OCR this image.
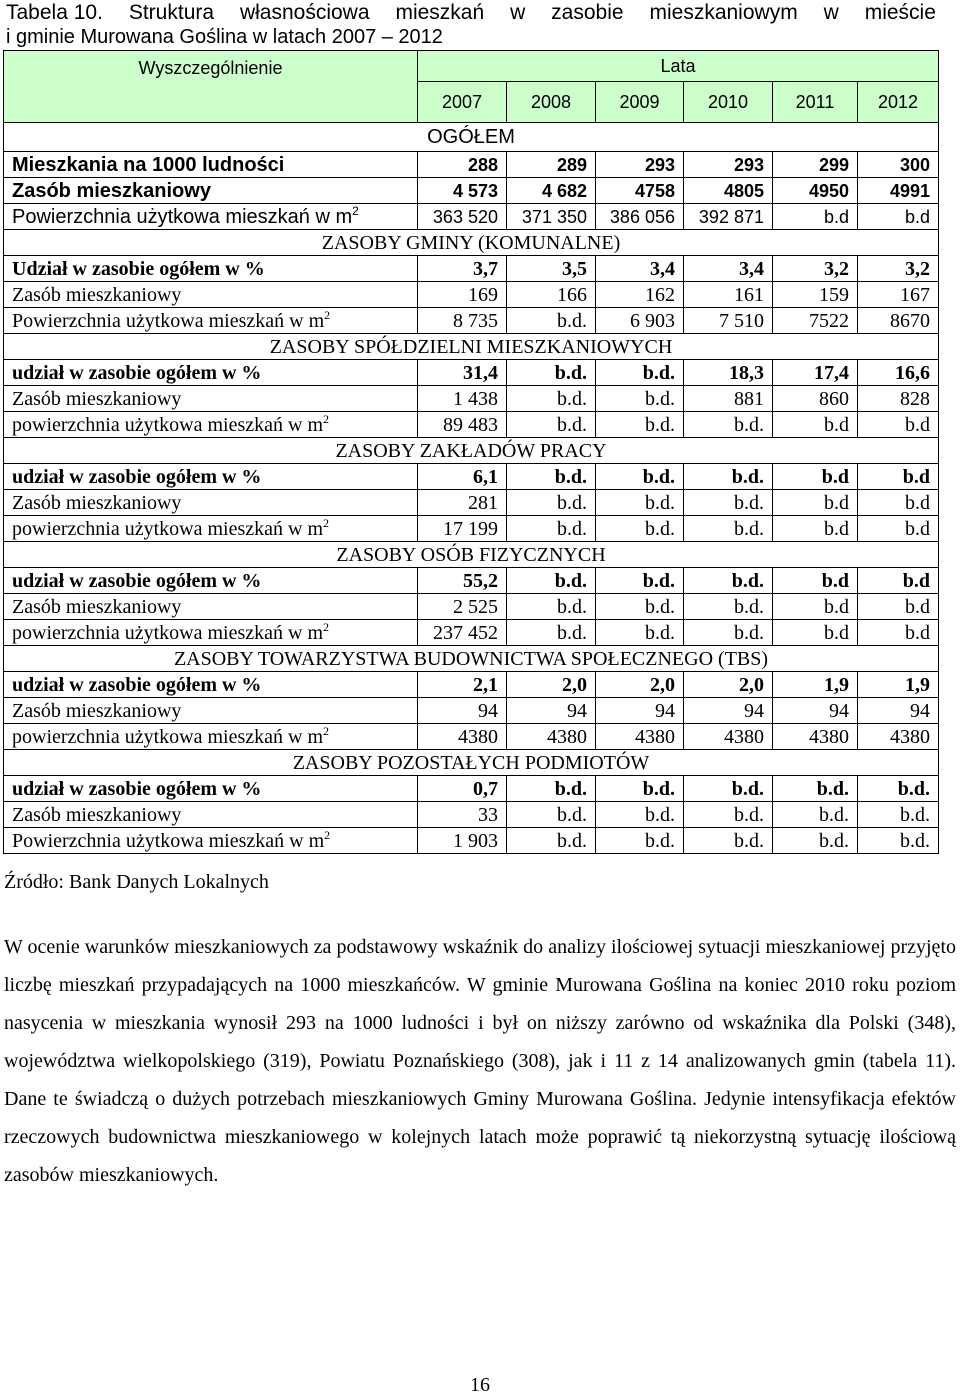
Tabela 10. Struktura własnościowa mieszkań w zasobie mieszkaniowym w mieście
i gminie Murowana Goślina w latach 2007 – 2012
Wyszczególnienie	Lata					
	2007	2008	2009	2010	2011	2012
OGÓŁEM						
Mieszkania na 1000 ludności	288	289	293	293	299	300
Zasób mieszkaniowy	4 573	4 682	4758	4805	4950	4991
Powierzchnia użytkowa mieszkań w $m^2$	363 520	371 350	386 056	392 871	b.d	b.d
ZASOBY GMINY (KOMUNALNE)						
Udział w zasobie ogółem w %	3,7	3,5	3,4	3,4	3,2	3,2
Zasób mieszkaniowy	169	166	162	161	159	167
Powierzchnia użytkowa mieszkań w $m^2$	8 735	b.d.	6 903	7 510	7522	8670
ZASOBY SPÓŁDZIELNI MIESZKANIOWYCH						
udział w zasobie ogółem w %	31,4	b.d.	b.d.	18,3	17,4	16,6
Zasób mieszkaniowy	1 438	b.d.	b.d.	881	860	828
powierzchnia użytkowa mieszkań w $m^2$	89 483	b.d.	b.d.	b.d.	b.d	b.d
ZASOBY ZAKŁADÓW PRACY						
udział w zasobie ogółem w %	6,1	b.d.	b.d.	b.d.	b.d	b.d
Zasób mieszkaniowy	281	b.d.	b.d.	b.d.	b.d	b.d
powierzchnia użytkowa mieszkań w $m^2$	17 199	b.d.	b.d.	b.d.	b.d	b.d
ZASOBY OSÓB FIZYCZNYCH						
udział w zasobie ogółem w %	55,2	b.d.	b.d.	b.d.	b.d	b.d
Zasób mieszkaniowy	2 525	b.d.	b.d.	b.d.	b.d	b.d
powierzchnia użytkowa mieszkań w $m^2$	237 452	b.d.	b.d.	b.d.	b.d	b.d
ZASOBY TOWARZYSTWA BUDOWNICTWA SPOŁECZNEGO (TBS)						
udział w zasobie ogółem w %	2,1	2,0	2,0	2,0	1,9	1,9
Zasób mieszkaniowy	94	94	94	94	94	94
powierzchnia użytkowa mieszkań w $m^2$	4380	4380	4380	4380	4380	4380
ZASOBY POZOSTAŁYCH PODMIOTÓW						
udział w zasobie ogółem w %	0,7	b.d.	b.d.	b.d.	b.d.	b.d.
Zasób mieszkaniowy	33	b.d.	b.d.	b.d.	b.d.	b.d.
Powierzchnia użytkowa mieszkań w $m^2$	1 903	b.d.	b.d.	b.d.	b.d.	b.d.
Źródło: Bank Danych Lokalnych
W ocenie warunków mieszkaniowych za podstawowy wskaźnik do analizy ilościowej sytuacji mieszkaniowej przyjęto liczbę mieszkań przypadających na 1000 mieszkańców. W gminie Murowana Goślina na koniec 2010 roku poziom nasycenia w mieszkania wynosił 293 na 1000 ludności i był on niższy zarówno od wskaźnika dla Polski (348), województwa wielkopolskiego (319), Powiatu Poznańskiego (308), jak i 11 z 14 analizowanych gmin (tabela 11). Dane te świadczą o dużych potrzebach mieszkaniowych Gminy Murowana Goślina. Jedynie intensyfikacja efektów rzeczowych budownictwa mieszkaniowego w kolejnych latach może poprawić tą niekorzystną sytuację ilościową zasobów mieszkaniowych.
16
